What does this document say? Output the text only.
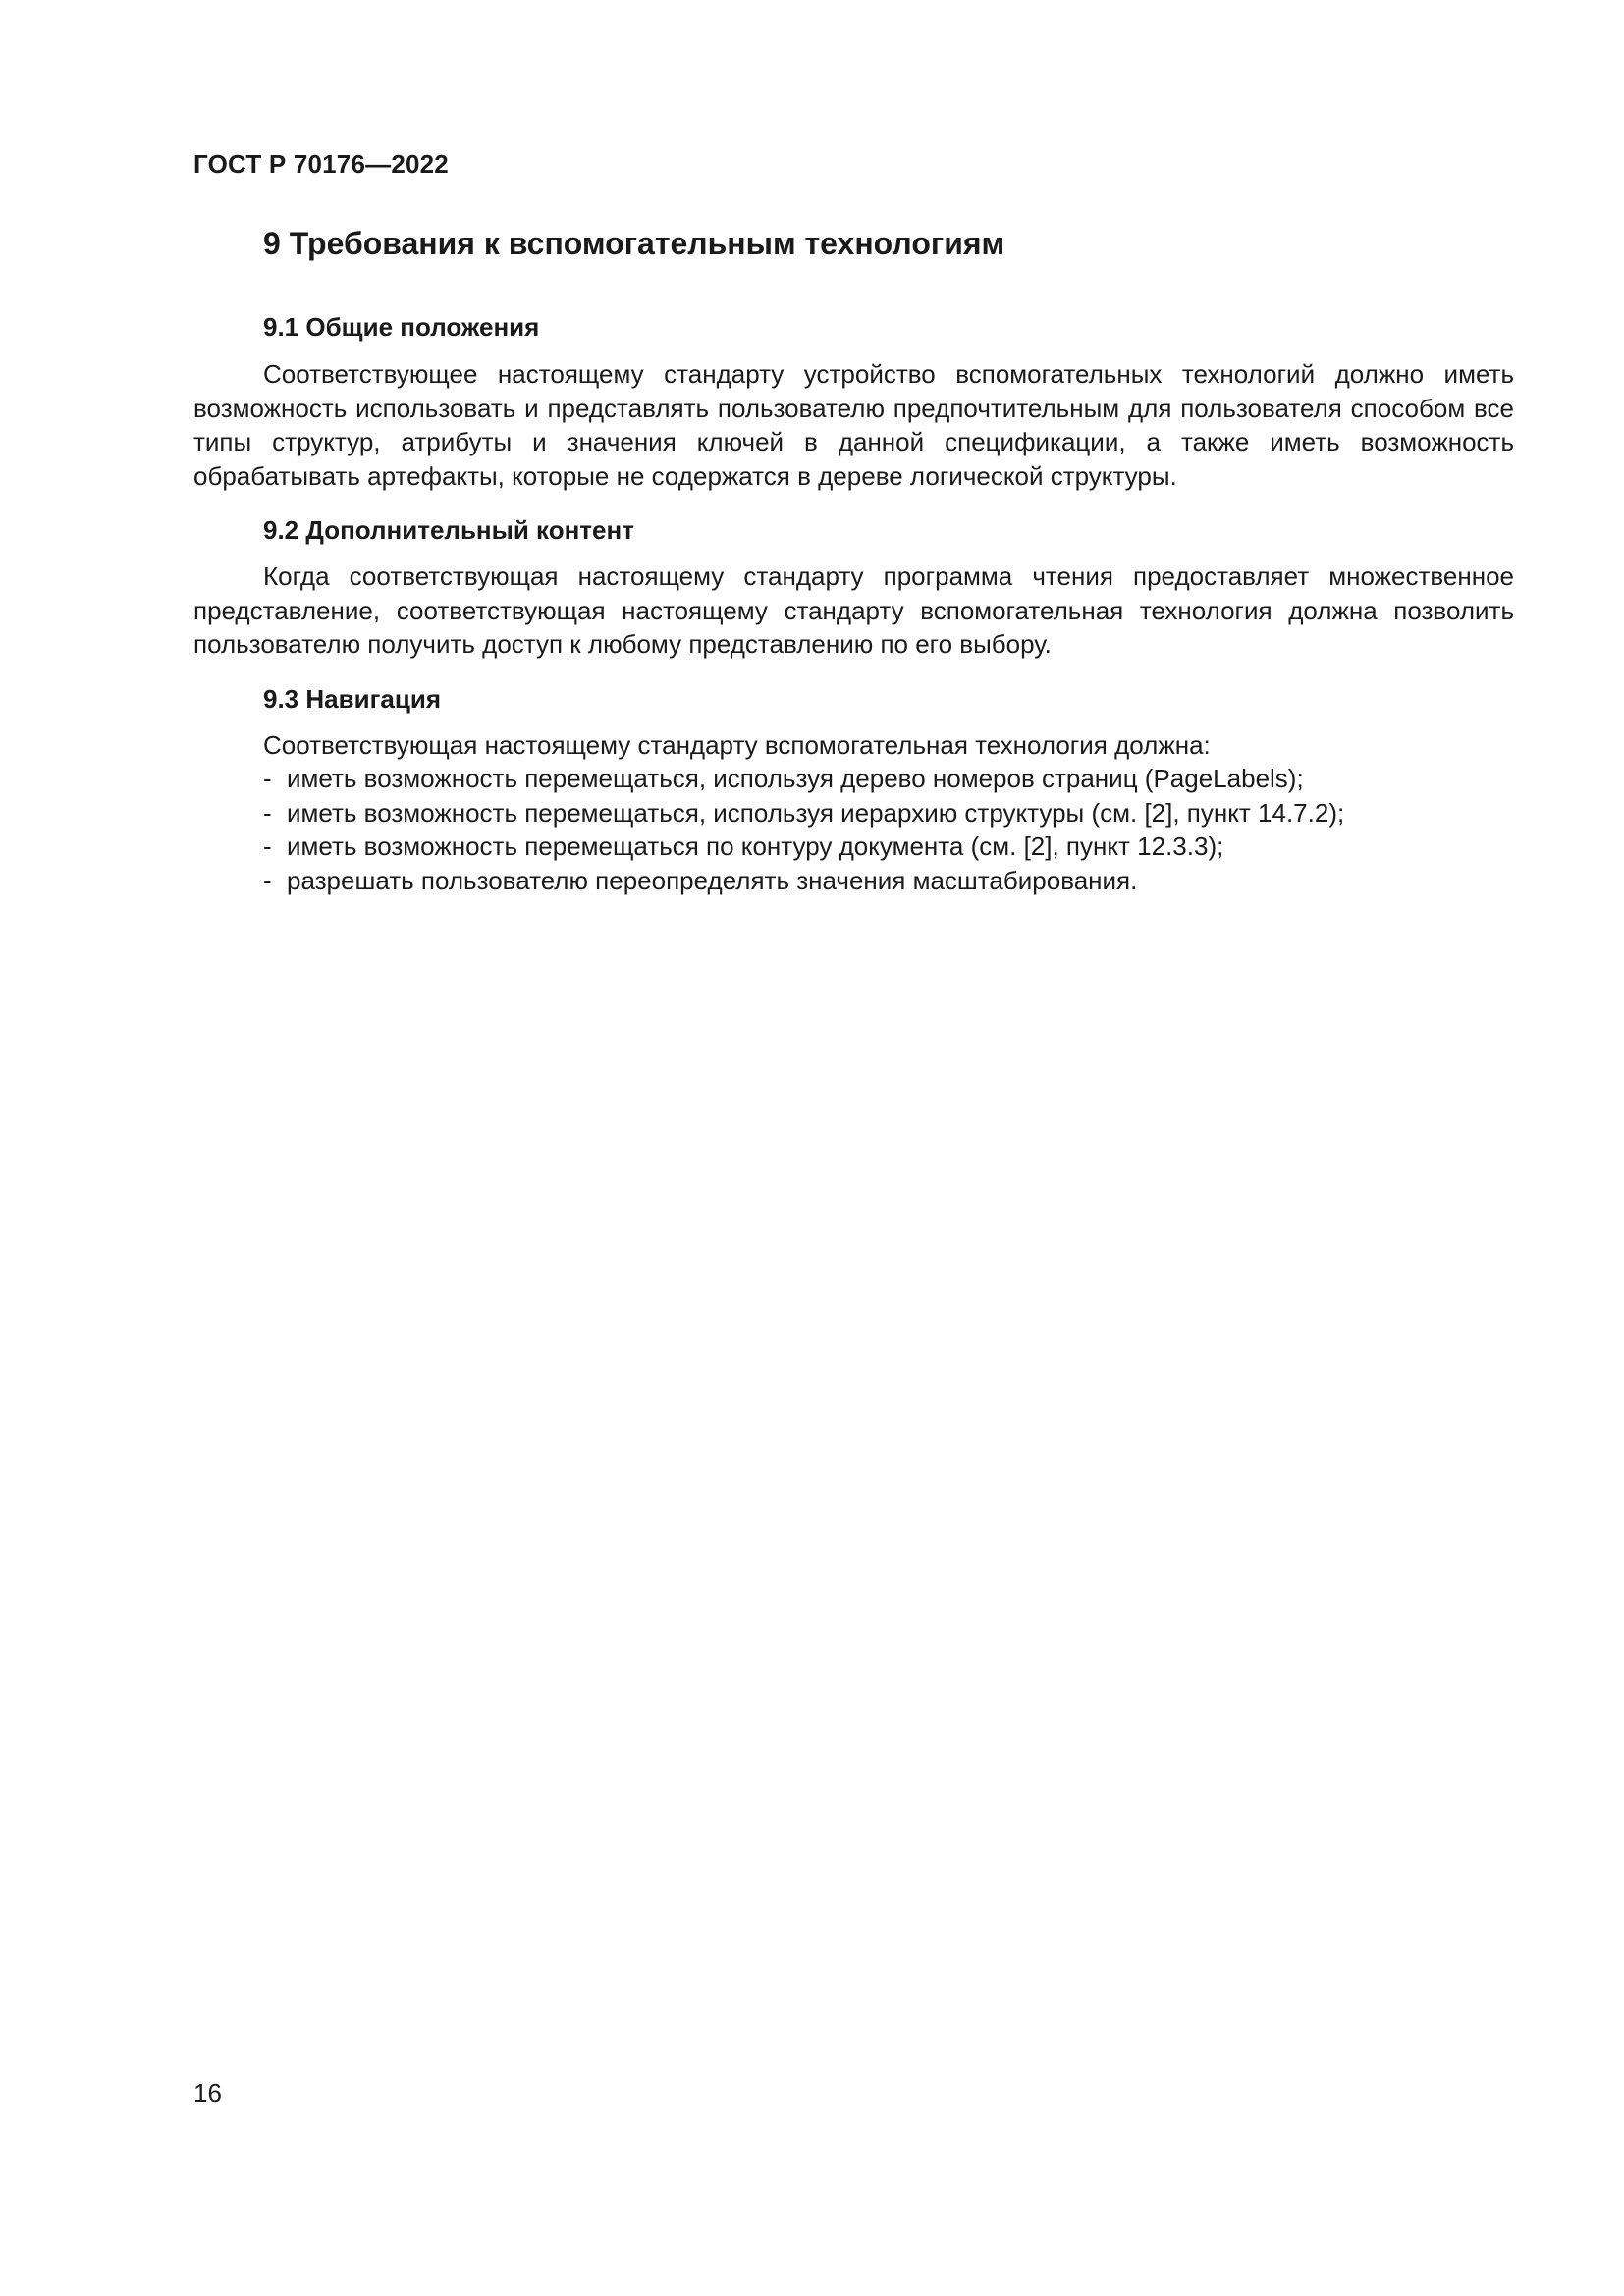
ГОСТ Р 70176—2022
9 Требования к вспомогательным технологиям
9.1 Общие положения

Соответствующее настоящему стандарту устройство вспомогательных технологий должно иметь возможность использовать и представлять пользователю предпочтительным для пользователя способом все типы структур, атрибуты и значения ключей в данной спецификации, а также иметь возможность обрабатывать артефакты, которые не содержатся в дереве логической структуры.

9.2 Дополнительный контент

Когда соответствующая настоящему стандарту программа чтения предоставляет множественное представление, соответствующая настоящему стандарту вспомогательная технология должна позволить пользователю получить доступ к любому представлению по его выбору.

9.3 Навигация
Соответствующая настоящему стандарту вспомогательная технология должна:
- иметь возможность перемещаться, используя дерево номеров страниц (PageLabels);
- иметь возможность перемещаться, используя иерархию структуры (см. [2], пункт 14.7.2);
- иметь возможность перемещаться по контуру документа (см. [2], пункт 12.3.3);
- разрешать пользователю переопределять значения масштабирования.
16
